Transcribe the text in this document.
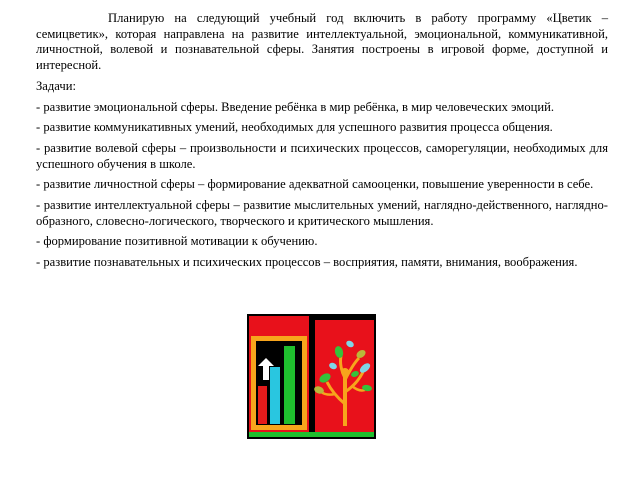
Планирую на следующий учебный год включить в работу программу «Цветик – семицветик», которая направлена на развитие интеллектуальной, эмоциональной, коммуникативной, личностной, волевой и познавательной сферы. Занятия построены в игровой форме, доступной и интересной.

Задачи:

- развитие эмоциональной сферы. Введение ребёнка в мир ребёнка, в мир человеческих эмоций.

- развитие коммуникативных умений, необходимых для успешного развития процесса общения.

- развитие волевой сферы – произвольности и психических процессов, саморегуляции, необходимых для успешного обучения в школе.

- развитие личностной сферы – формирование адекватной самооценки, повышение уверенности в себе.

- развитие интеллектуальной сферы – развитие мыслительных умений, наглядно-действенного, наглядно-образного, словесно-логического, творческого и критического мышления.

- формирование позитивной мотивации к обучению.

- развитие познавательных и психических процессов – восприятия, памяти, внимания, воображения.
